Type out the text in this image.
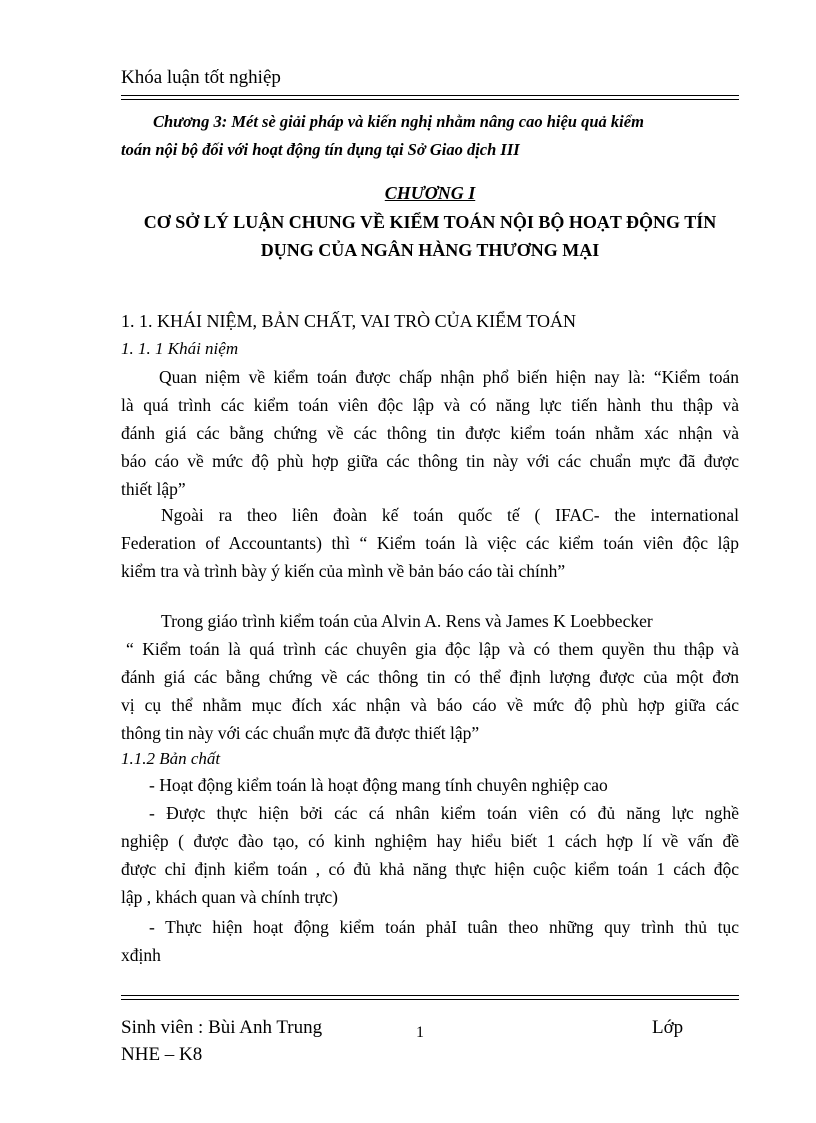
Khóa luận tốt nghiệp
Chương 3: Mét sè giải pháp và kiến nghị nhằm nâng cao hiệu quả kiểm
toán nội bộ đối với hoạt động tín dụng tại Sở Giao dịch III
CHƯƠNG I
CƠ SỞ LÝ LUẬN CHUNG VỀ KIỂM TOÁN NỘI BỘ HOẠT ĐỘNG TÍN
DỤNG CỦA NGÂN HÀNG THƯƠNG MẠI
1. 1. KHÁI NIỆM, BẢN CHẤT, VAI TRÒ CỦA KIỂM TOÁN
1. 1. 1 Khái niệm
Quan niệm về kiểm toán được chấp nhận phổ biến hiện nay là: “Kiểm toán
là quá trình các kiểm toán viên độc lập và có năng lực tiến hành thu thập và
đánh giá các bằng chứng về các thông tin được kiểm toán nhằm xác nhận và
báo cáo về mức độ phù hợp giữa các thông tin này với các chuẩn mực đã được
thiết lập”
Ngoài ra theo liên đoàn kế toán quốc tế ( IFAC- the international
Federation of Accountants) thì “ Kiểm toán là việc các kiểm toán viên độc lập
kiểm tra và trình bày ý kiến của mình về bản báo cáo tài chính”
Trong giáo trình kiểm toán của Alvin A. Rens và James K Loebbecker
“ Kiểm toán là quá trình các chuyên gia độc lập và có them quyền thu thập và
đánh giá các bằng chứng về các thông tin có thể định lượng được của một đơn
vị cụ thể nhằm mục đích xác nhận và báo cáo về mức độ phù hợp giữa các
thông tin này với các chuẩn mực đã được thiết lập”
1.1.2 Bản chất
- Hoạt động kiểm toán là hoạt động mang tính chuyên nghiệp cao
- Được thực hiện bởi các cá nhân kiểm toán viên có đủ năng lực nghề
nghiệp ( được đào tạo, có kinh nghiệm hay hiểu biết 1 cách hợp lí về vấn đề
được chỉ định kiểm toán , có đủ khả năng thực hiện cuộc kiểm toán 1 cách độc
lập , khách quan và chính trực)
- Thực hiện hoạt động kiểm toán phảI tuân theo những quy trình thủ tục
xđịnh
Sinh viên : Bùi Anh Trung
NHE – K8
1	Lớp
